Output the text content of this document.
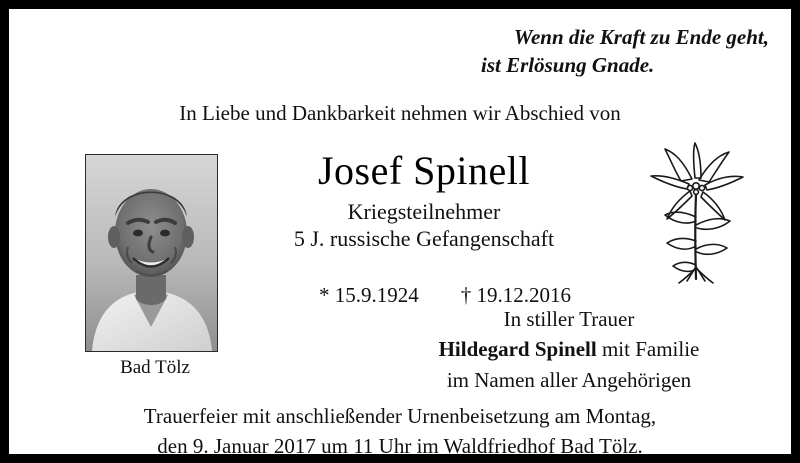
Wenn die Kraft zu Ende geht,
ist Erlösung Gnade.
In Liebe und Dankbarkeit nehmen wir Abschied von
Bad Tölz
Josef Spinell
Kriegsteilnehmer
5 J. russische Gefangenschaft

* 15.9.1924 † 19.12.2016

In stiller Trauer
Hildegard Spinell mit Familie
im Namen aller Angehörigen
Trauerfeier mit anschließender Urnenbeisetzung am Montag,
den 9. Januar 2017 um 11 Uhr im Waldfriedhof Bad Tölz.
